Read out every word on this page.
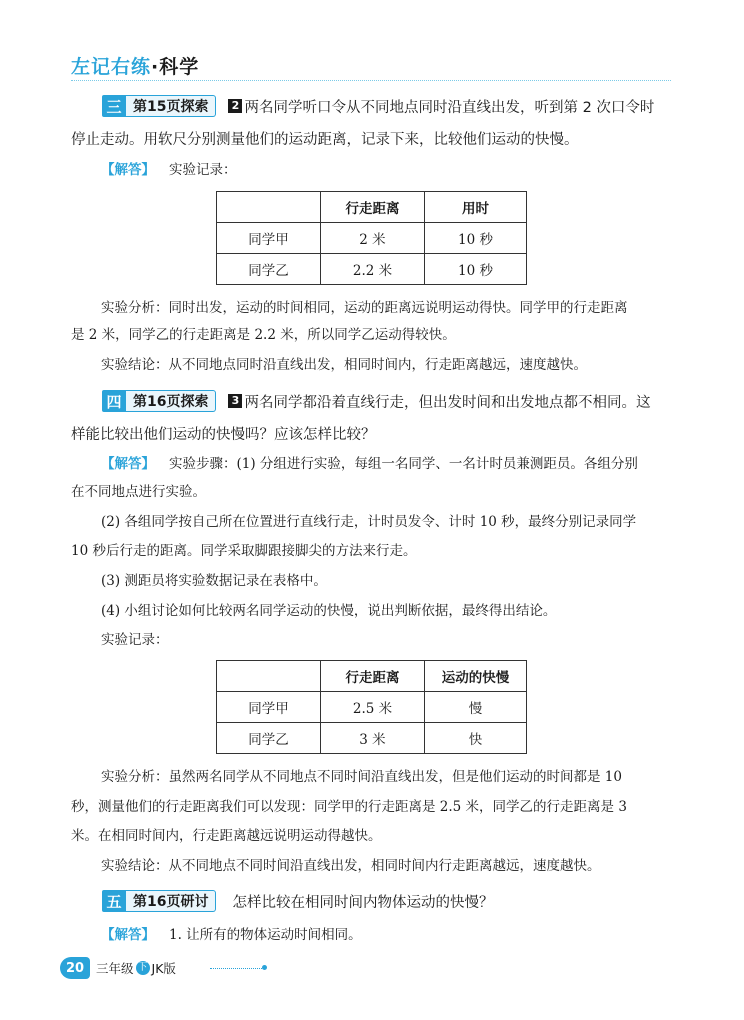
左记右练·科学
三 第15页探索	2 两名同学听口令从不同地点同时沿直线出发，听到第 2 次口令时
停止走动。用软尺分别测量他们的运动距离，记录下来，比较他们运动的快慢。
【解答】 实验记录：
	行走距离	用时
同学甲	2 米	10 秒
同学乙	2.2 米	10 秒
实验分析：同时出发，运动的时间相同，运动的距离远说明运动得快。同学甲的行走距离
是 2 米，同学乙的行走距离是 2.2 米，所以同学乙运动得较快。
实验结论：从不同地点同时沿直线出发，相同时间内，行走距离越远，速度越快。
四 第16页探索	3 两名同学都沿着直线行走，但出发时间和出发地点都不相同。这
样能比较出他们运动的快慢吗？应该怎样比较？
【解答】 实验步骤：(1) 分组进行实验，每组一名同学、一名计时员兼测距员。各组分别
在不同地点进行实验。
(2) 各组同学按自己所在位置进行直线行走，计时员发令、计时 10 秒，最终分别记录同学
10 秒后行走的距离。同学采取脚跟接脚尖的方法来行走。
(3) 测距员将实验数据记录在表格中。
(4) 小组讨论如何比较两名同学运动的快慢，说出判断依据，最终得出结论。
实验记录：
	行走距离	运动的快慢
同学甲	2.5 米	慢
同学乙	3 米	快
实验分析：虽然两名同学从不同地点不同时间沿直线出发，但是他们运动的时间都是 10
秒，测量他们的行走距离我们可以发现：同学甲的行走距离是 2.5 米，同学乙的行走距离是 3
米。在相同时间内，行走距离越远说明运动得越快。
实验结论：从不同地点不同时间沿直线出发，相同时间内行走距离越远，速度越快。
五 第16页研讨	怎样比较在相同时间内物体运动的快慢？
【解答】 1. 让所有的物体运动时间相同。
20 三年级 下 JK版
